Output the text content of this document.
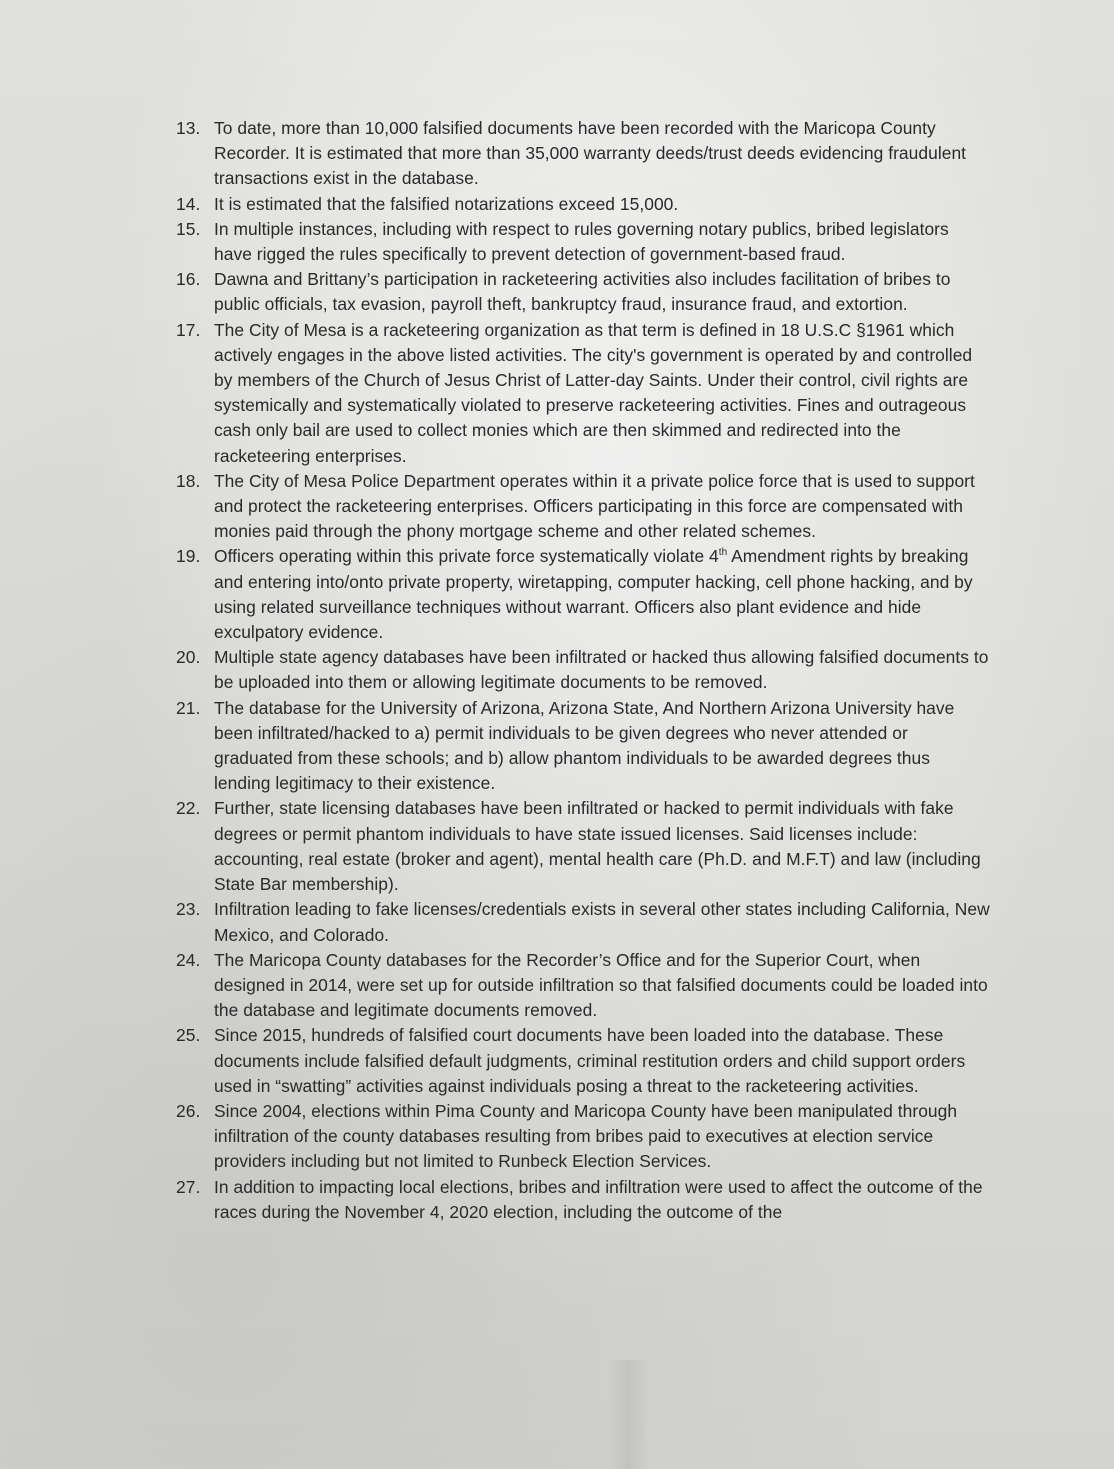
13. To date, more than 10,000 falsified documents have been recorded with the Maricopa County Recorder. It is estimated that more than 35,000 warranty deeds/trust deeds evidencing fraudulent transactions exist in the database.
14. It is estimated that the falsified notarizations exceed 15,000.
15. In multiple instances, including with respect to rules governing notary publics, bribed legislators have rigged the rules specifically to prevent detection of government-based fraud.
16. Dawna and Brittany’s participation in racketeering activities also includes facilitation of bribes to public officials, tax evasion, payroll theft, bankruptcy fraud, insurance fraud, and extortion.
17. The City of Mesa is a racketeering organization as that term is defined in 18 U.S.C §1961 which actively engages in the above listed activities. The city's government is operated by and controlled by members of the Church of Jesus Christ of Latter-day Saints. Under their control, civil rights are systemically and systematically violated to preserve racketeering activities. Fines and outrageous cash only bail are used to collect monies which are then skimmed and redirected into the racketeering enterprises.
18. The City of Mesa Police Department operates within it a private police force that is used to support and protect the racketeering enterprises. Officers participating in this force are compensated with monies paid through the phony mortgage scheme and other related schemes.
19. Officers operating within this private force systematically violate 4th Amendment rights by breaking and entering into/onto private property, wiretapping, computer hacking, cell phone hacking, and by using related surveillance techniques without warrant. Officers also plant evidence and hide exculpatory evidence.
20. Multiple state agency databases have been infiltrated or hacked thus allowing falsified documents to be uploaded into them or allowing legitimate documents to be removed.
21. The database for the University of Arizona, Arizona State, And Northern Arizona University have been infiltrated/hacked to a) permit individuals to be given degrees who never attended or graduated from these schools; and b) allow phantom individuals to be awarded degrees thus lending legitimacy to their existence.
22. Further, state licensing databases have been infiltrated or hacked to permit individuals with fake degrees or permit phantom individuals to have state issued licenses. Said licenses include: accounting, real estate (broker and agent), mental health care (Ph.D. and M.F.T) and law (including State Bar membership).
23. Infiltration leading to fake licenses/credentials exists in several other states including California, New Mexico, and Colorado.
24. The Maricopa County databases for the Recorder’s Office and for the Superior Court, when designed in 2014, were set up for outside infiltration so that falsified documents could be loaded into the database and legitimate documents removed.
25. Since 2015, hundreds of falsified court documents have been loaded into the database. These documents include falsified default judgments, criminal restitution orders and child support orders used in “swatting” activities against individuals posing a threat to the racketeering activities.
26. Since 2004, elections within Pima County and Maricopa County have been manipulated through infiltration of the county databases resulting from bribes paid to executives at election service providers including but not limited to Runbeck Election Services.
27. In addition to impacting local elections, bribes and infiltration were used to affect the outcome of the races during the November 4, 2020 election, including the outcome of the
